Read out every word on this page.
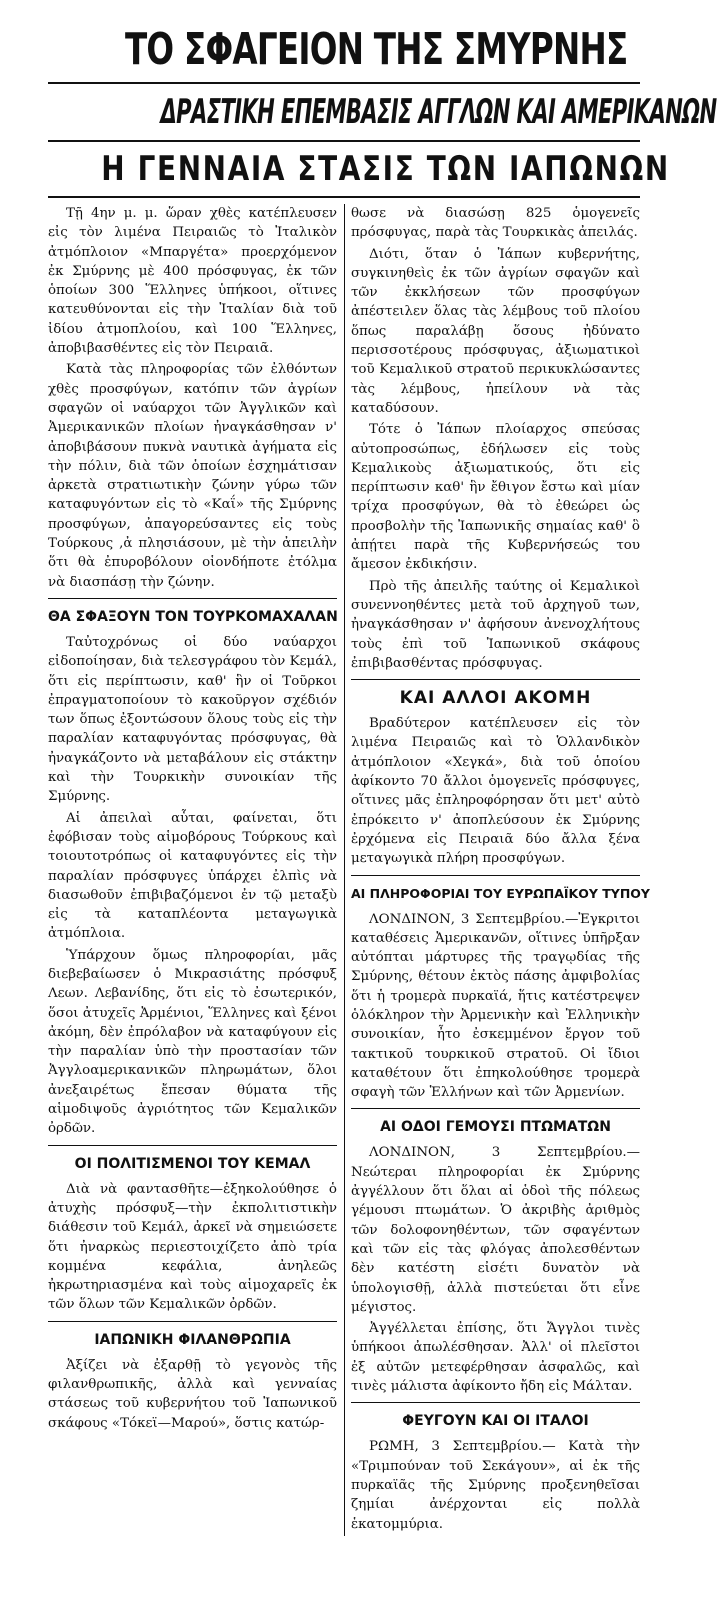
ΤΟ ΣΦΑΓΕΙΟΝ ΤΗΣ ΣΜΥΡΝΗΣ
ΔΡΑΣΤΙΚΗ ΕΠΕΜΒΑΣΙΣ ΑΓΓΛΩΝ ΚΑΙ ΑΜΕΡΙΚΑΝΩΝ
Η ΓΕΝΝΑΙΑ ΣΤΑΣΙΣ ΤΩΝ ΙΑΠΩΝΩΝ

Τῇ 4ην μ. μ. ὥραν χθὲς κατέπλευσεν εἰς τὸν λιμένα Πειραιῶς τὸ Ἰταλικὸν ἀτμόπλοιον «Μπαργέτα» προερχόμενον ἐκ Σμύρνης μὲ 400 πρόσφυγας, ἐκ τῶν ὁποίων 300 Ἕλληνες ὑπήκοοι, οἵτινες κατευθύνονται εἰς τὴν Ἰταλίαν διὰ τοῦ ἰδίου ἀτμοπλοίου, καὶ 100 Ἕλληνες, ἀποβιβασθέντες εἰς τὸν Πειραιᾶ.

Κατὰ τὰς πληροφορίας τῶν ἐλθόντων χθὲς προσφύγων, κατόπιν τῶν ἀγρίων σφαγῶν οἱ ναύαρχοι τῶν Ἀγγλικῶν καὶ Ἀμερικανικῶν πλοίων ἠναγκάσθησαν ν' ἀποβιβάσουν πυκνὰ ναυτικὰ ἀγήματα εἰς τὴν πόλιν, διὰ τῶν ὁποίων ἐσχημάτισαν ἀρκετὰ στρατιωτικὴν ζώνην γύρω τῶν καταφυγόντων εἰς τὸ «Καΐ» τῆς Σμύρνης προσφύγων, ἀπαγορεύσαντες εἰς τοὺς Τούρκους ,ἀ πλησιάσουν, μὲ τὴν ἀπειλὴν ὅτι θὰ ἐπυροβόλουν οἱονδήποτε ἐτόλμα νὰ διασπάσῃ τὴν ζώνην.

ΘΑ ΣΦΑΞΟΥΝ ΤΟΝ ΤΟΥΡΚΟΜΑΧΑΛΑΝ

Ταὐτοχρόνως οἱ δύο ναύαρχοι εἰδοποίησαν, διὰ τελεσγράφου τὸν Κεμάλ, ὅτι εἰς περίπτωσιν, καθ' ἣν οἱ Τοῦρκοι ἐπραγματοποίουν τὸ κακοῦργον σχέδιόν των ὅπως ἐξοντώσουν ὅλους τοὺς εἰς τὴν παραλίαν καταφυγόντας πρόσφυγας, θὰ ἠναγκάζοντο νὰ μεταβάλουν εἰς στάκτην καὶ τὴν Τουρκικὴν συνοικίαν τῆς Σμύρνης.

Αἱ ἀπειλαὶ αὗται, φαίνεται, ὅτι ἐφόβισαν τοὺς αἱμοβόρους Τούρκους καὶ τοιουτοτρόπως οἱ καταφυγόντες εἰς τὴν παραλίαν πρόσφυγες ὑπάρχει ἐλπὶς νὰ διασωθοῦν ἐπιβιβαζόμενοι ἐν τῷ μεταξὺ εἰς τὰ καταπλέοντα μεταγωγικὰ ἀτμόπλοια.

Ὑπάρχουν ὅμως πληροφορίαι, μᾶς διεβεβαίωσεν ὁ Μικρασιάτης πρόσφυξ Λεων. Λεβανίδης, ὅτι εἰς τὸ ἐσωτερικόν, ὅσοι ἀτυχεῖς Ἀρμένιοι, Ἕλληνες καὶ ξένοι ἀκόμη, δὲν ἐπρόλαβον νὰ καταφύγουν εἰς τὴν παραλίαν ὑπὸ τὴν προστασίαν τῶν Ἀγγλοαμερικανικῶν πληρωμάτων, ὅλοι ἀνεξαιρέτως ἔπεσαν θύματα τῆς αἱμοδιψοῦς ἀγριότητος τῶν Κεμαλικῶν ὀρδῶν.

ΟΙ ΠΟΛΙΤΙΣΜΕΝΟΙ ΤΟΥ ΚΕΜΑΛ

Διὰ νὰ φαντασθῆτε—ἐξηκολούθησε ὁ ἀτυχὴς πρόσφυξ—τὴν ἐκπολιτιστικὴν διάθεσιν τοῦ Κεμάλ, ἀρκεῖ νὰ σημειώσετε ὅτι ἠναρκὼς περιεστοιχίζετο ἀπὸ τρία κομμένα κεφάλια, ἀνηλεῶς ἠκρωτηριασμένα καὶ τοὺς αἱμοχαρεῖς ἐκ τῶν ὅλων τῶν Κεμαλικῶν ὀρδῶν.

ΙΑΠΩΝΙΚΗ ΦΙΛΑΝΘΡΩΠΙΑ

Ἀξίζει νὰ ἐξαρθῇ τὸ γεγονὸς τῆς φιλανθρωπικῆς, ἀλλὰ καὶ γενναίας στάσεως τοῦ κυβερνήτου τοῦ Ἰαπωνικοῦ σκάφους «Τόκεϊ—Μαρού», ὅστις κατώρ-

θωσε νὰ διασώσῃ 825 ὁμογενεῖς πρόσφυγας, παρὰ τὰς Τουρκικὰς ἀπειλάς.

Διότι, ὅταν ὁ Ἰάπων κυβερνήτης, συγκινηθεὶς ἐκ τῶν ἀγρίων σφαγῶν καὶ τῶν ἐκκλήσεων τῶν προσφύγων ἀπέστειλεν ὅλας τὰς λέμβους τοῦ πλοίου ὅπως παραλάβῃ ὅσους ἠδύνατο περισσοτέρους πρόσφυγας, ἀξιωματικοὶ τοῦ Κεμαλικοῦ στρατοῦ περικυκλώσαντες τὰς λέμβους, ἠπείλουν νὰ τὰς καταδύσουν.

Τότε ὁ Ἰάπων πλοίαρχος σπεύσας αὐτοπροσώπως, ἐδήλωσεν εἰς τοὺς Κεμαλικοὺς ἀξιωματικούς, ὅτι εἰς περίπτωσιν καθ' ἣν ἔθιγον ἔστω καὶ μίαν τρίχα προσφύγων, θὰ τὸ ἐθεώρει ὡς προσβολὴν τῆς Ἰαπωνικῆς σημαίας καθ' ὃ ἀπῄτει παρὰ τῆς Κυβερνήσεώς του ἄμεσον ἐκδικήσιν.

Πρὸ τῆς ἀπειλῆς ταύτης οἱ Κεμαλικοὶ συνεννοηθέντες μετὰ τοῦ ἀρχηγοῦ των, ἠναγκάσθησαν ν' ἀφήσουν ἀνενοχλήτους τοὺς ἐπὶ τοῦ Ἰαπωνικοῦ σκάφους ἐπιβιβασθέντας πρόσφυγας.

ΚΑΙ ΑΛΛΟΙ ΑΚΟΜΗ

Βραδύτερον κατέπλευσεν εἰς τὸν λιμένα Πειραιῶς καὶ τὸ Ὁλλανδικὸν ἀτμόπλοιον «Χεγκά», διὰ τοῦ ὁποίου ἀφίκοντο 70 ἄλλοι ὁμογενεῖς πρόσφυγες, οἵτινες μᾶς ἐπληροφόρησαν ὅτι μετ' αὐτὸ ἐπρόκειτο ν' ἀποπλεύσουν ἐκ Σμύρνης ἐρχόμενα εἰς Πειραιᾶ δύο ἄλλα ξένα μεταγωγικὰ πλήρη προσφύγων.

ΑΙ ΠΛΗΡΟΦΟΡΙΑΙ ΤΟΥ ΕΥΡΩΠΑΪΚΟΥ ΤΥΠΟΥ

ΛΟΝΔΙΝΟΝ, 3 Σεπτεμβρίου.—Ἐγκριτοι καταθέσεις Ἀμερικανῶν, οἵτινες ὑπῆρξαν αὐτόπται μάρτυρες τῆς τραγῳδίας τῆς Σμύρνης, θέτουν ἐκτὸς πάσης ἀμφιβολίας ὅτι ἡ τρομερὰ πυρκαϊά, ἥτις κατέστρεψεν ὁλόκληρον τὴν Ἀρμενικὴν καὶ Ἑλληνικὴν συνοικίαν, ἦτο ἐσκεμμένον ἔργον τοῦ τακτικοῦ τουρκικοῦ στρατοῦ. Οἱ ἴδιοι καταθέτουν ὅτι ἐπηκολούθησε τρομερὰ σφαγὴ τῶν Ἑλλήνων καὶ τῶν Ἀρμενίων.

ΑΙ ΟΔΟΙ ΓΕΜΟΥΣΙ ΠΤΩΜΑΤΩΝ

ΛΟΝΔΙΝΟΝ, 3 Σεπτεμβρίου.— Νεώτεραι πληροφορίαι ἐκ Σμύρνης ἀγγέλλουν ὅτι ὅλαι αἱ ὁδοὶ τῆς πόλεως γέμουσι πτωμάτων. Ὁ ἀκριβὴς ἀριθμὸς τῶν δολοφονηθέντων, τῶν σφαγέντων καὶ τῶν εἰς τὰς φλόγας ἀπολεσθέντων δὲν κατέστη εἰσέτι δυνατὸν νὰ ὑπολογισθῇ, ἀλλὰ πιστεύεται ὅτι εἶνε μέγιστος.

Ἀγγέλλεται ἐπίσης, ὅτι Ἄγγλοι τινὲς ὑπήκοοι ἀπωλέσθησαν. Ἀλλ' οἱ πλεῖστοι ἐξ αὐτῶν μετεφέρθησαν ἀσφαλῶς, καὶ τινὲς μάλιστα ἀφίκοντο ἤδη εἰς Μάλταν.

ΦΕΥΓΟΥΝ ΚΑΙ ΟΙ ΙΤΑΛΟΙ

ΡΩΜΗ, 3 Σεπτεμβρίου.— Κατὰ τὴν «Τριμπούναν τοῦ Σεκάγουν», αἱ ἐκ τῆς πυρκαϊᾶς τῆς Σμύρνης προξενηθεῖσαι ζημίαι ἀνέρχονται εἰς πολλὰ ἑκατομμύρια.
